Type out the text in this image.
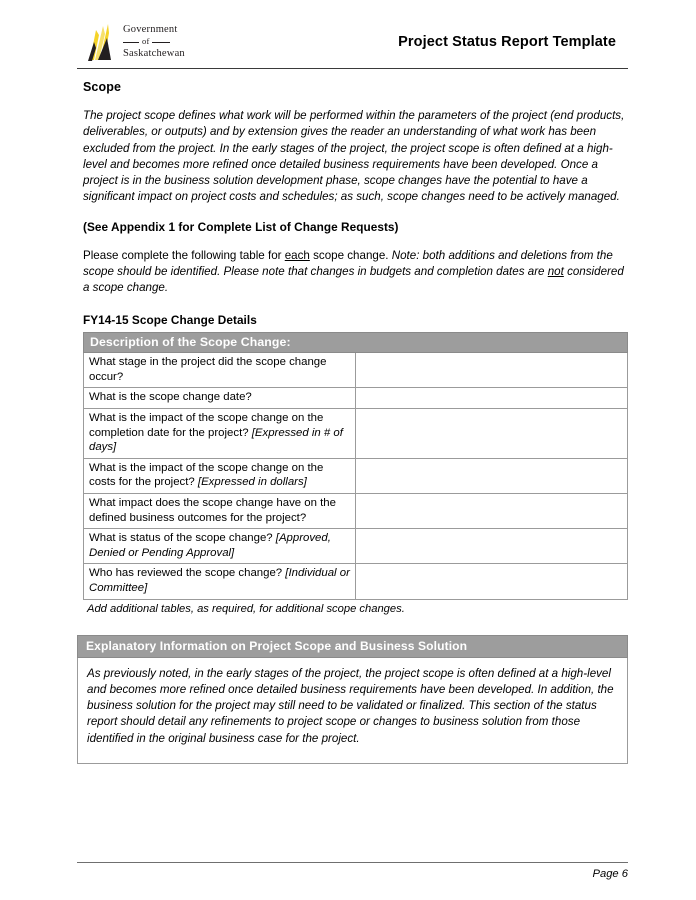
Government
of
Saskatchewan
Project Status Report Template
Scope

The project scope defines what work will be performed within the parameters of the project (end products, deliverables, or outputs) and by extension gives the reader an understanding of what work has been excluded from the project. In the early stages of the project, the project scope is often defined at a high-level and becomes more refined once detailed business requirements have been developed. Once a project is in the business solution development phase, scope changes have the potential to have a significant impact on project costs and schedules; as such, scope changes need to be actively managed.

(See Appendix 1 for Complete List of Change Requests)

Please complete the following table for each scope change. Note: both additions and deletions from the scope should be identified. Please note that changes in budgets and completion dates are not considered a scope change.

FY14-15 Scope Change Details
Description of the Scope Change:	
What stage in the project did the scope change occur?	
What is the scope change date?	
What is the impact of the scope change on the completion date for the project? [Expressed in # of days]	
What is the impact of the scope change on the costs for the project? [Expressed in dollars]	
What impact does the scope change have on the defined business outcomes for the project?	
What is status of the scope change? [Approved, Denied or Pending Approval]	
Who has reviewed the scope change? [Individual or Committee]	

Add additional tables, as required, for additional scope changes.

Explanatory Information on Project Scope and Business Solution

As previously noted, in the early stages of the project, the project scope is often defined at a high-level and becomes more refined once detailed business requirements have been developed. In addition, the business solution for the project may still need to be validated or finalized. This section of the status report should detail any refinements to project scope or changes to business solution from those identified in the original business case for the project.

Page 6
